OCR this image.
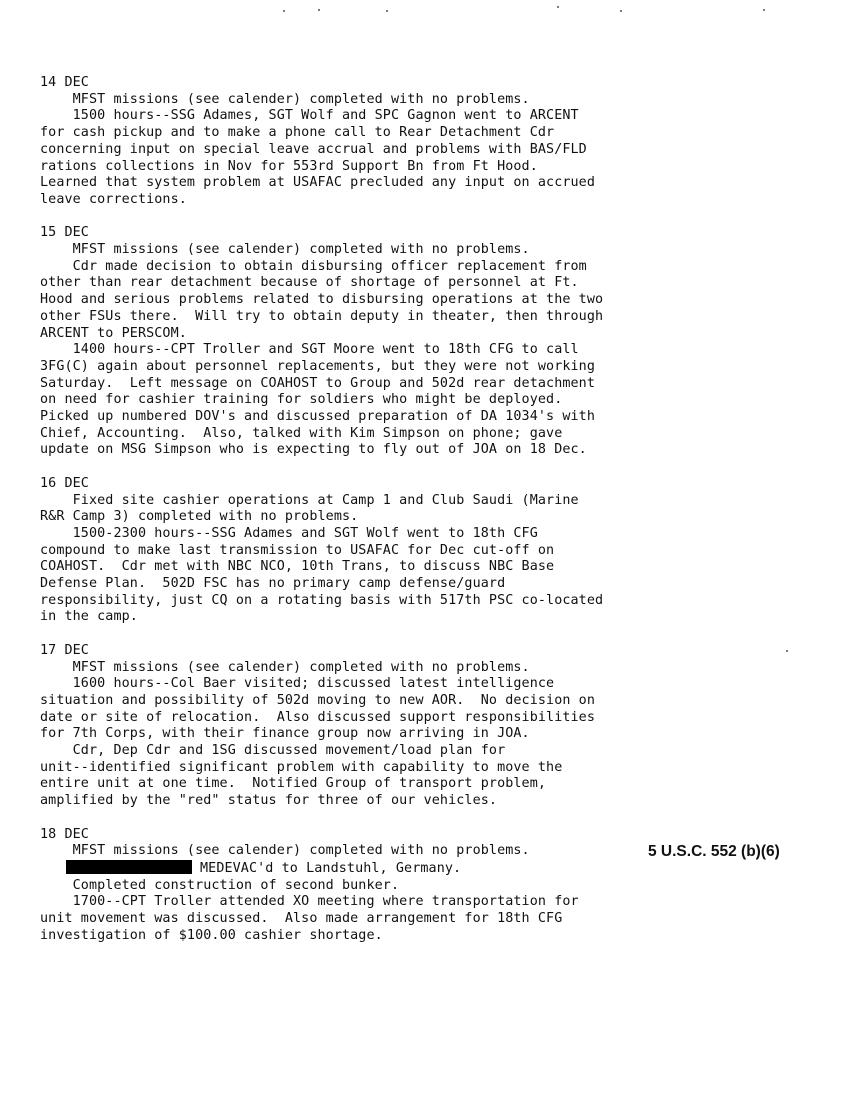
14 DEC
MFST missions (see calender) completed with no problems.
1500 hours--SSG Adames, SGT Wolf and SPC Gagnon went to ARCENT
for cash pickup and to make a phone call to Rear Detachment Cdr
concerning input on special leave accrual and problems with BAS/FLD
rations collections in Nov for 553rd Support Bn from Ft Hood.
Learned that system problem at USAFAC precluded any input on accrued
leave corrections.
15 DEC
MFST missions (see calender) completed with no problems.
Cdr made decision to obtain disbursing officer replacement from
other than rear detachment because of shortage of personnel at Ft.
Hood and serious problems related to disbursing operations at the two
other FSUs there.  Will try to obtain deputy in theater, then through
ARCENT to PERSCOM.
1400 hours--CPT Troller and SGT Moore went to 18th CFG to call
3FG(C) again about personnel replacements, but they were not working
Saturday.  Left message on COAHOST to Group and 502d rear detachment
on need for cashier training for soldiers who might be deployed.
Picked up numbered DOV's and discussed preparation of DA 1034's with
Chief, Accounting.  Also, talked with Kim Simpson on phone; gave
update on MSG Simpson who is expecting to fly out of JOA on 18 Dec.
16 DEC
Fixed site cashier operations at Camp 1 and Club Saudi (Marine
R&R Camp 3) completed with no problems.
1500-2300 hours--SSG Adames and SGT Wolf went to 18th CFG
compound to make last transmission to USAFAC for Dec cut-off on
COAHOST.  Cdr met with NBC NCO, 10th Trans, to discuss NBC Base
Defense Plan.  502D FSC has no primary camp defense/guard
responsibility, just CQ on a rotating basis with 517th PSC co-located
in the camp.
17 DEC
MFST missions (see calender) completed with no problems.
1600 hours--Col Baer visited; discussed latest intelligence
situation and possibility of 502d moving to new AOR.  No decision on
date or site of relocation.  Also discussed support responsibilities
for 7th Corps, with their finance group now arriving in JOA.
Cdr, Dep Cdr and 1SG discussed movement/load plan for
unit--identified significant problem with capability to move the
entire unit at one time.  Notified Group of transport problem,
amplified by the "red" status for three of our vehicles.
18 DEC
MFST missions (see calender) completed with no problems.
MEDEVAC'd to Landstuhl, Germany.
Completed construction of second bunker.
1700--CPT Troller attended XO meeting where transportation for
unit movement was discussed.  Also made arrangement for 18th CFG
investigation of $100.00 cashier shortage.
5 U.S.C. 552 (b)(6)
